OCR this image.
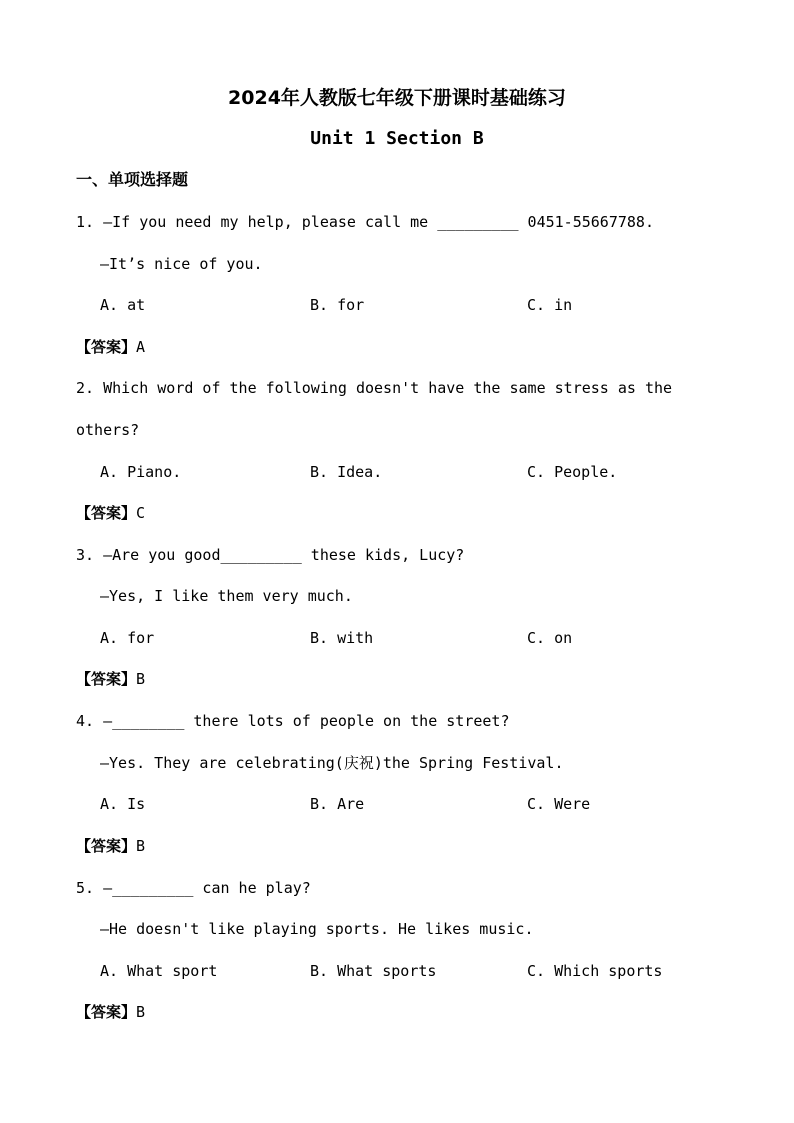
2024年人教版七年级下册课时基础练习
Unit 1 Section B
一、单项选择题
1. —If you need my help, please call me _________ 0451-55667788.
—It’s nice of you.
A. at	B. for	C. in
【答案】A
2. Which word of the following doesn't have the same stress as the
others?
A. Piano.	B. Idea.	C. People.
【答案】C
3. —Are you good_________ these kids, Lucy?
—Yes, I like them very much.
A. for	B. with	C. on
【答案】B
4. —________ there lots of people on the street?
—Yes. They are celebrating(庆祝)the Spring Festival.
A. Is	B. Are	C. Were
【答案】B
5. —_________ can he play?
—He doesn't like playing sports. He likes music.
A. What sport	B. What sports	C. Which sports
【答案】B
